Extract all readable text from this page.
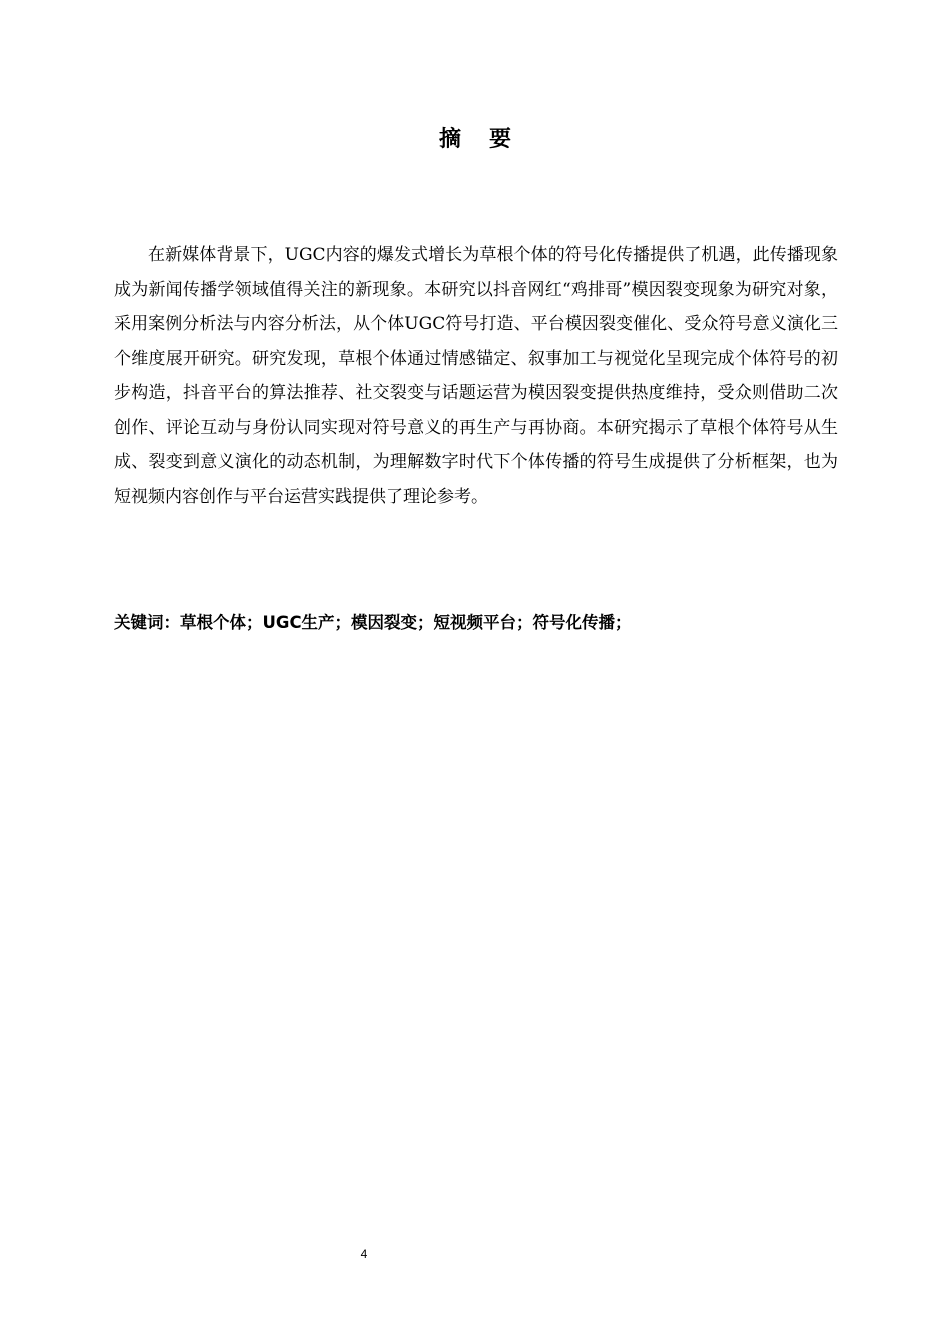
摘 要

在新媒体背景下，UGC内容的爆发式增长为草根个体的符号化传播提供了机遇，此传播现象成为新闻传播学领域值得关注的新现象。本研究以抖音网红“鸡排哥”模因裂变现象为研究对象，采用案例分析法与内容分析法，从个体UGC符号打造、平台模因裂变催化、受众符号意义演化三个维度展开研究。研究发现，草根个体通过情感锚定、叙事加工与视觉化呈现完成个体符号的初步构造，抖音平台的算法推荐、社交裂变与话题运营为模因裂变提供热度维持，受众则借助二次创作、评论互动与身份认同实现对符号意义的再生产与再协商。本研究揭示了草根个体符号从生成、裂变到意义演化的动态机制，为理解数字时代下个体传播的符号生成提供了分析框架，也为短视频内容创作与平台运营实践提供了理论参考。

关键词：草根个体；UGC生产；模因裂变；短视频平台；符号化传播；
4
